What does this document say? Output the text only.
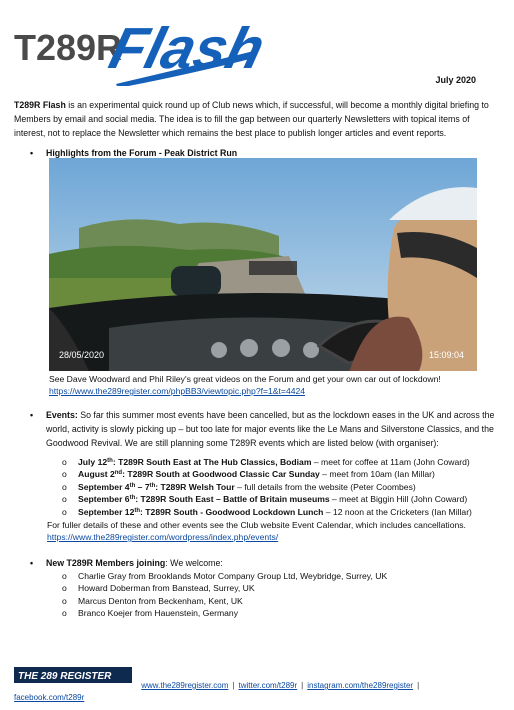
T289R
Flash	July 2020
T289R Flash is an experimental quick round up of Club news which, if successful, will become a monthly digital briefing to Members by email and social media. The idea is to fill the gap between our quarterly Newsletters with topical items of interest, not to replace the Newsletter which remains the best place to publish longer articles and event reports.
• Highlights from the Forum - Peak District Run
28/05/2020	15:09:04
See Dave Woodward and Phil Riley's great videos on the Forum and get your own car out of lockdown!
https://www.the289register.com/phpBB3/viewtopic.php?f=1&t=4424
• Events: So far this summer most events have been cancelled, but as the lockdown eases in the UK and across the world, activity is slowly picking up – but too late for major events like the Le Mans and Silverstone Classics, and the Goodwood Revival. We are still planning some T289R events which are listed below (with organiser):
o July 12th: T289R South East at The Hub Classics, Bodiam – meet for coffee at 11am (John Coward)
o August 2nd: T289R South at Goodwood Classic Car Sunday – meet from 10am (Ian Millar)
o September 4th – 7th: T289R Welsh Tour – full details from the website (Peter Coombes)
o September 6th: T289R South East – Battle of Britain museums – meet at Biggin Hill (John Coward)
o September 12th: T289R South - Goodwood Lockdown Lunch – 12 noon at the Cricketers (Ian Millar)
For fuller details of these and other events see the Club website Event Calendar, which includes cancellations.
https://www.the289register.com/wordpress/index.php/events/
• New T289R Members joining: We welcome:
o Charlie Gray from Brooklands Motor Company Group Ltd, Weybridge, Surrey, UK
o Howard Doberman from Banstead, Surrey, UK
o Marcus Denton from Beckenham, Kent, UK
o Branco Koejer from Hauenstein, Germany
THE 289 REGISTER
www.the289register.com | twitter.com/t289r | instagram.com/the289register |
facebook.com/t289r
